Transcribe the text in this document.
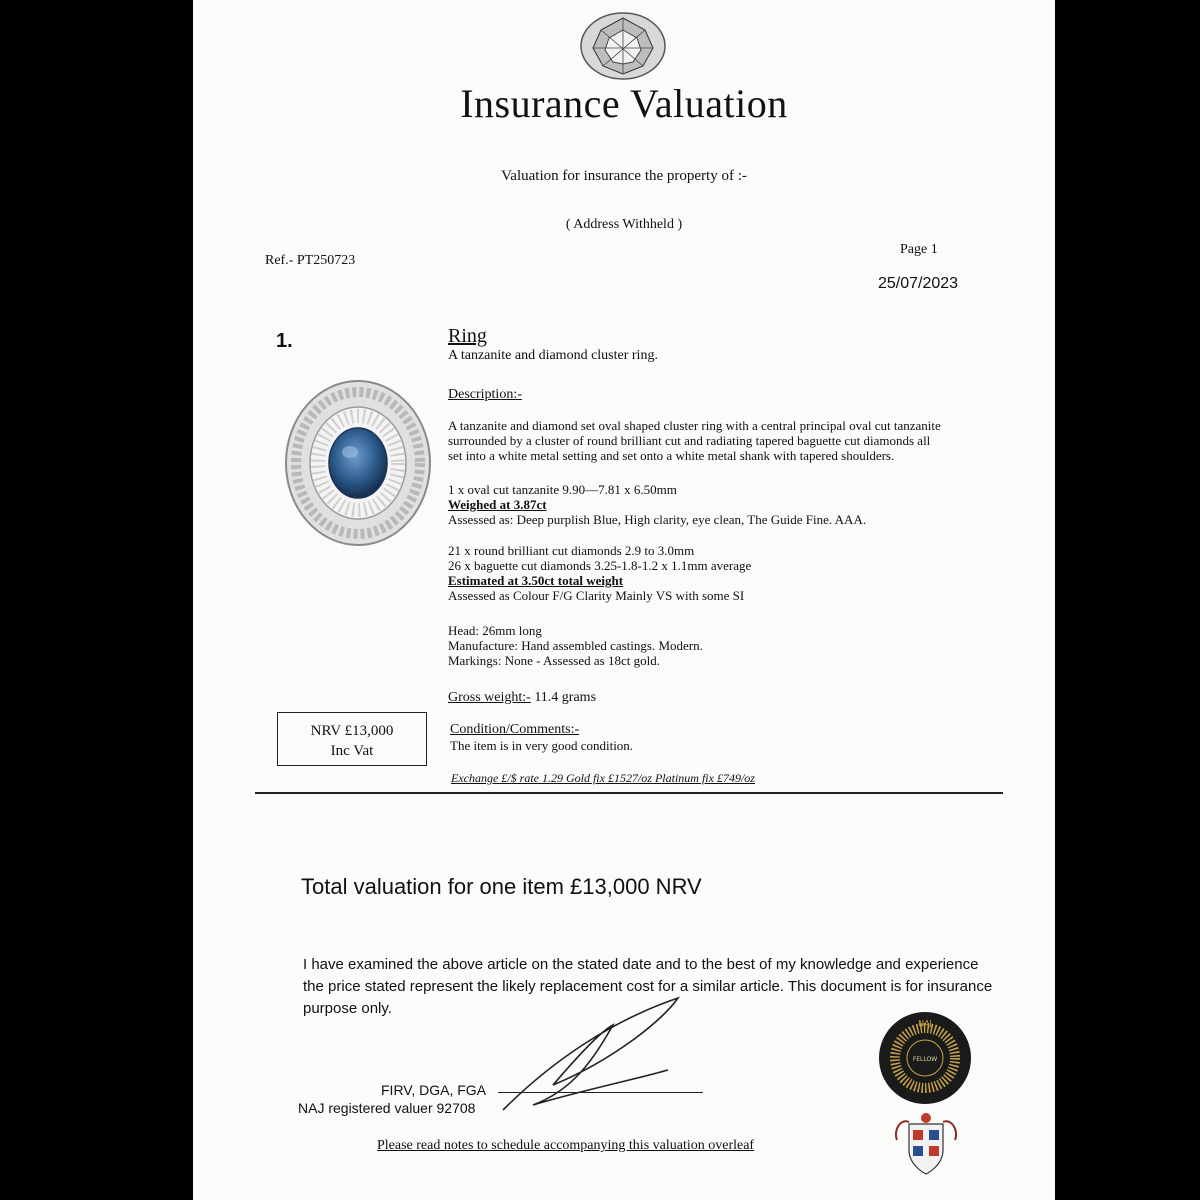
Insurance Valuation
Valuation for insurance the property of :-
( Address Withheld )
Page 1
Ref.- PT250723
25/07/2023
1.	Ring
A tanzanite and diamond cluster ring.
Description:-
A tanzanite and diamond set oval shaped cluster ring with a central principal oval cut tanzanite
surrounded by a cluster of round brilliant cut and radiating tapered baguette cut diamonds all
set into a white metal setting and set onto a white metal shank with tapered shoulders.
1 x oval cut tanzanite 9.90—7.81 x 6.50mm
Weighed at 3.87ct
Assessed as: Deep purplish Blue, High clarity, eye clean, The Guide Fine. AAA.
21 x round brilliant cut diamonds 2.9 to 3.0mm
26 x baguette cut diamonds 3.25-1.8-1.2 x 1.1mm average
Estimated at 3.50ct total weight
Assessed as Colour F/G Clarity Mainly VS with some SI
Head: 26mm long
Manufacture: Hand assembled castings. Modern.
Markings: None - Assessed as 18ct gold.
Gross weight:- 11.4 grams
NRV £13,000
Inc Vat
Condition/Comments:-
The item is in very good condition.
Exchange £/$ rate 1.29 Gold fix £1527/oz Platinum fix £749/oz
Total valuation for one item £13,000 NRV
I have examined the above article on the stated date and to the best of my knowledge and experience the price stated represent the likely replacement cost for a similar article. This document is for insurance purpose only.
FIRV, DGA, FGA
NAJ registered valuer 92708
Please read notes to schedule accompanying this valuation overleaf
NAJ
FELLOW
